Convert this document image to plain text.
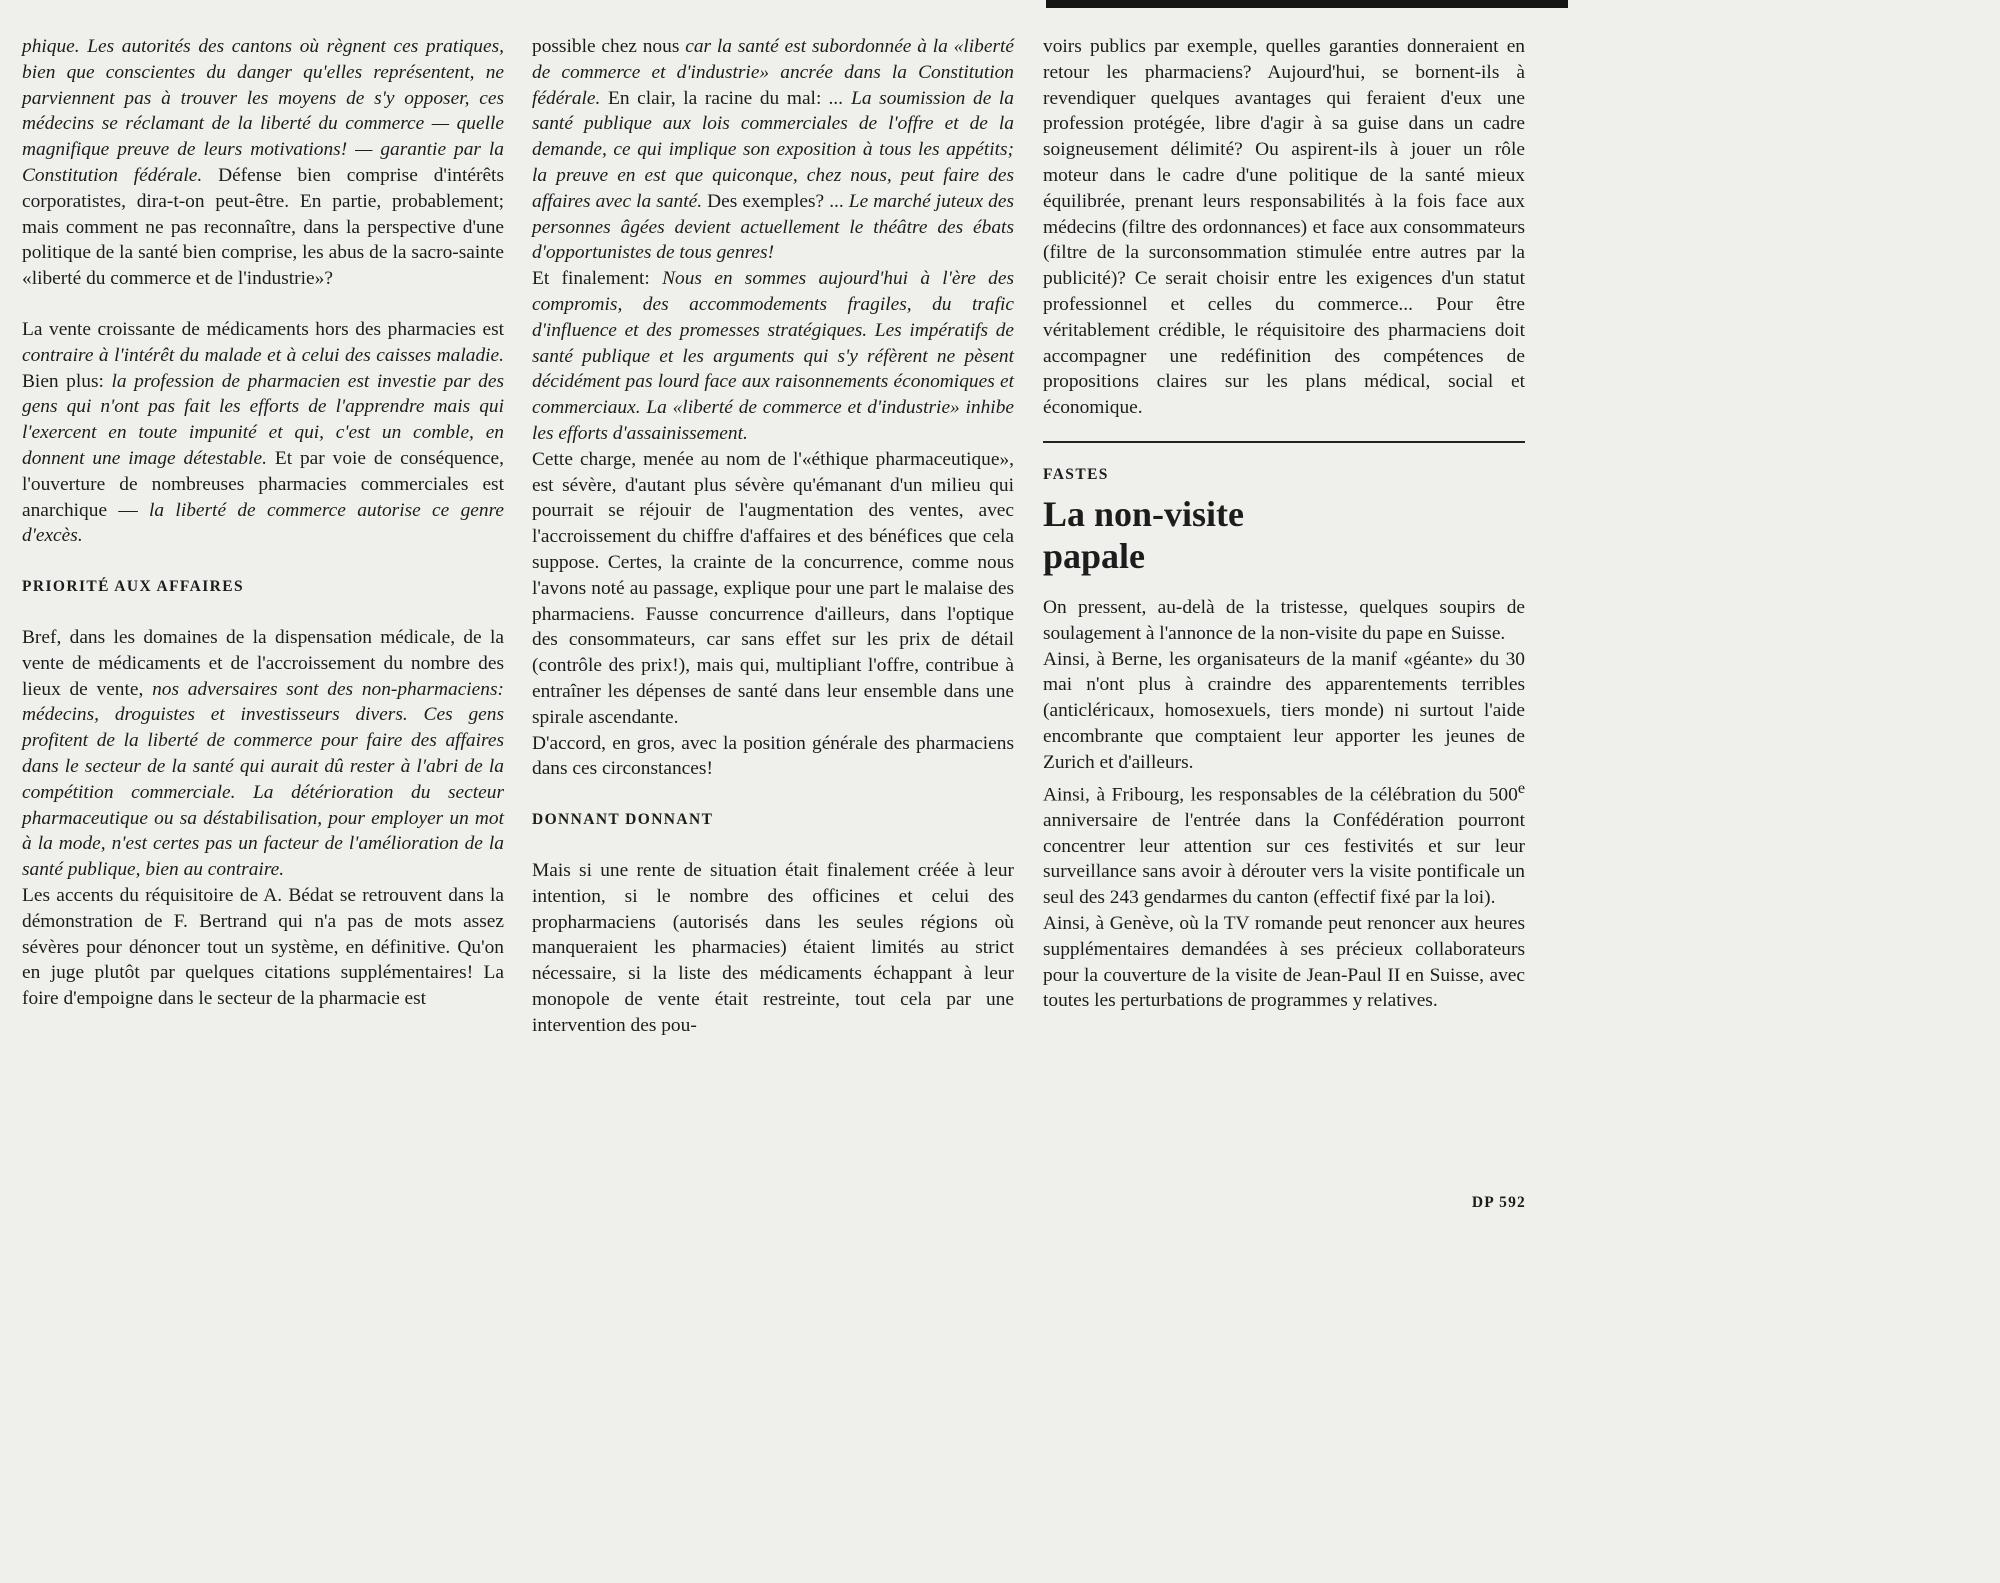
phique. Les autorités des cantons où règnent ces pratiques, bien que conscientes du danger qu'elles représentent, ne parviennent pas à trouver les moyens de s'y opposer, ces médecins se réclamant de la liberté du commerce — quelle magnifique preuve de leurs motivations! — garantie par la Constitution fédérale. Défense bien comprise d'intérêts corporatistes, dira-t-on peut-être. En partie, probablement; mais comment ne pas reconnaître, dans la perspective d'une politique de la santé bien comprise, les abus de la sacro-sainte «liberté du commerce et de l'industrie»?

La vente croissante de médicaments hors des pharmacies est contraire à l'intérêt du malade et à celui des caisses maladie. Bien plus: la profession de pharmacien est investie par des gens qui n'ont pas fait les efforts de l'apprendre mais qui l'exercent en toute impunité et qui, c'est un comble, en donnent une image détestable. Et par voie de conséquence, l'ouverture de nombreuses pharmacies commerciales est anarchique — la liberté de commerce autorise ce genre d'excès.

PRIORITÉ AUX AFFAIRES

Bref, dans les domaines de la dispensation médicale, de la vente de médicaments et de l'accroissement du nombre des lieux de vente, nos adversaires sont des non-pharmaciens: médecins, droguistes et investisseurs divers. Ces gens profitent de la liberté de commerce pour faire des affaires dans le secteur de la santé qui aurait dû rester à l'abri de la compétition commerciale. La détérioration du secteur pharmaceutique ou sa déstabilisation, pour employer un mot à la mode, n'est certes pas un facteur de l'amélioration de la santé publique, bien au contraire.

Les accents du réquisitoire de A. Bédat se retrouvent dans la démonstration de F. Bertrand qui n'a pas de mots assez sévères pour dénoncer tout un système, en définitive. Qu'on en juge plutôt par quelques citations supplémentaires! La foire d'empoigne dans le secteur de la pharmacie est

possible chez nous car la santé est subordonnée à la «liberté de commerce et d'industrie» ancrée dans la Constitution fédérale. En clair, la racine du mal: ... La soumission de la santé publique aux lois commerciales de l'offre et de la demande, ce qui implique son exposition à tous les appétits; la preuve en est que quiconque, chez nous, peut faire des affaires avec la santé. Des exemples? ... Le marché juteux des personnes âgées devient actuellement le théâtre des ébats d'opportunistes de tous genres!

Et finalement: Nous en sommes aujourd'hui à l'ère des compromis, des accommodements fragiles, du trafic d'influence et des promesses stratégiques. Les impératifs de santé publique et les arguments qui s'y réfèrent ne pèsent décidément pas lourd face aux raisonnements économiques et commerciaux. La «liberté de commerce et d'industrie» inhibe les efforts d'assainissement.

Cette charge, menée au nom de l'«éthique pharmaceutique», est sévère, d'autant plus sévère qu'émanant d'un milieu qui pourrait se réjouir de l'augmentation des ventes, avec l'accroissement du chiffre d'affaires et des bénéfices que cela suppose. Certes, la crainte de la concurrence, comme nous l'avons noté au passage, explique pour une part le malaise des pharmaciens. Fausse concurrence d'ailleurs, dans l'optique des consommateurs, car sans effet sur les prix de détail (contrôle des prix!), mais qui, multipliant l'offre, contribue à entraîner les dépenses de santé dans leur ensemble dans une spirale ascendante.

D'accord, en gros, avec la position générale des pharmaciens dans ces circonstances!

DONNANT DONNANT

Mais si une rente de situation était finalement créée à leur intention, si le nombre des officines et celui des propharmaciens (autorisés dans les seules régions où manqueraient les pharmacies) étaient limités au strict nécessaire, si la liste des médicaments échappant à leur monopole de vente était restreinte, tout cela par une intervention des pou-

voirs publics par exemple, quelles garanties donneraient en retour les pharmaciens? Aujourd'hui, se bornent-ils à revendiquer quelques avantages qui feraient d'eux une profession protégée, libre d'agir à sa guise dans un cadre soigneusement délimité? Ou aspirent-ils à jouer un rôle moteur dans le cadre d'une politique de la santé mieux équilibrée, prenant leurs responsabilités à la fois face aux médecins (filtre des ordonnances) et face aux consommateurs (filtre de la surconsommation stimulée entre autres par la publicité)? Ce serait choisir entre les exigences d'un statut professionnel et celles du commerce... Pour être véritablement crédible, le réquisitoire des pharmaciens doit accompagner une redéfinition des compétences de propositions claires sur les plans médical, social et économique.

FASTES
La non-visite
papale

On pressent, au-delà de la tristesse, quelques soupirs de soulagement à l'annonce de la non-visite du pape en Suisse.

Ainsi, à Berne, les organisateurs de la manif «géante» du 30 mai n'ont plus à craindre des apparentements terribles (anticléricaux, homosexuels, tiers monde) ni surtout l'aide encombrante que comptaient leur apporter les jeunes de Zurich et d'ailleurs.

Ainsi, à Fribourg, les responsables de la célébration du 500e anniversaire de l'entrée dans la Confédération pourront concentrer leur attention sur ces festivités et sur leur surveillance sans avoir à dérouter vers la visite pontificale un seul des 243 gendarmes du canton (effectif fixé par la loi).

Ainsi, à Genève, où la TV romande peut renoncer aux heures supplémentaires demandées à ses précieux collaborateurs pour la couverture de la visite de Jean-Paul II en Suisse, avec toutes les perturbations de programmes y relatives.

DP 592
